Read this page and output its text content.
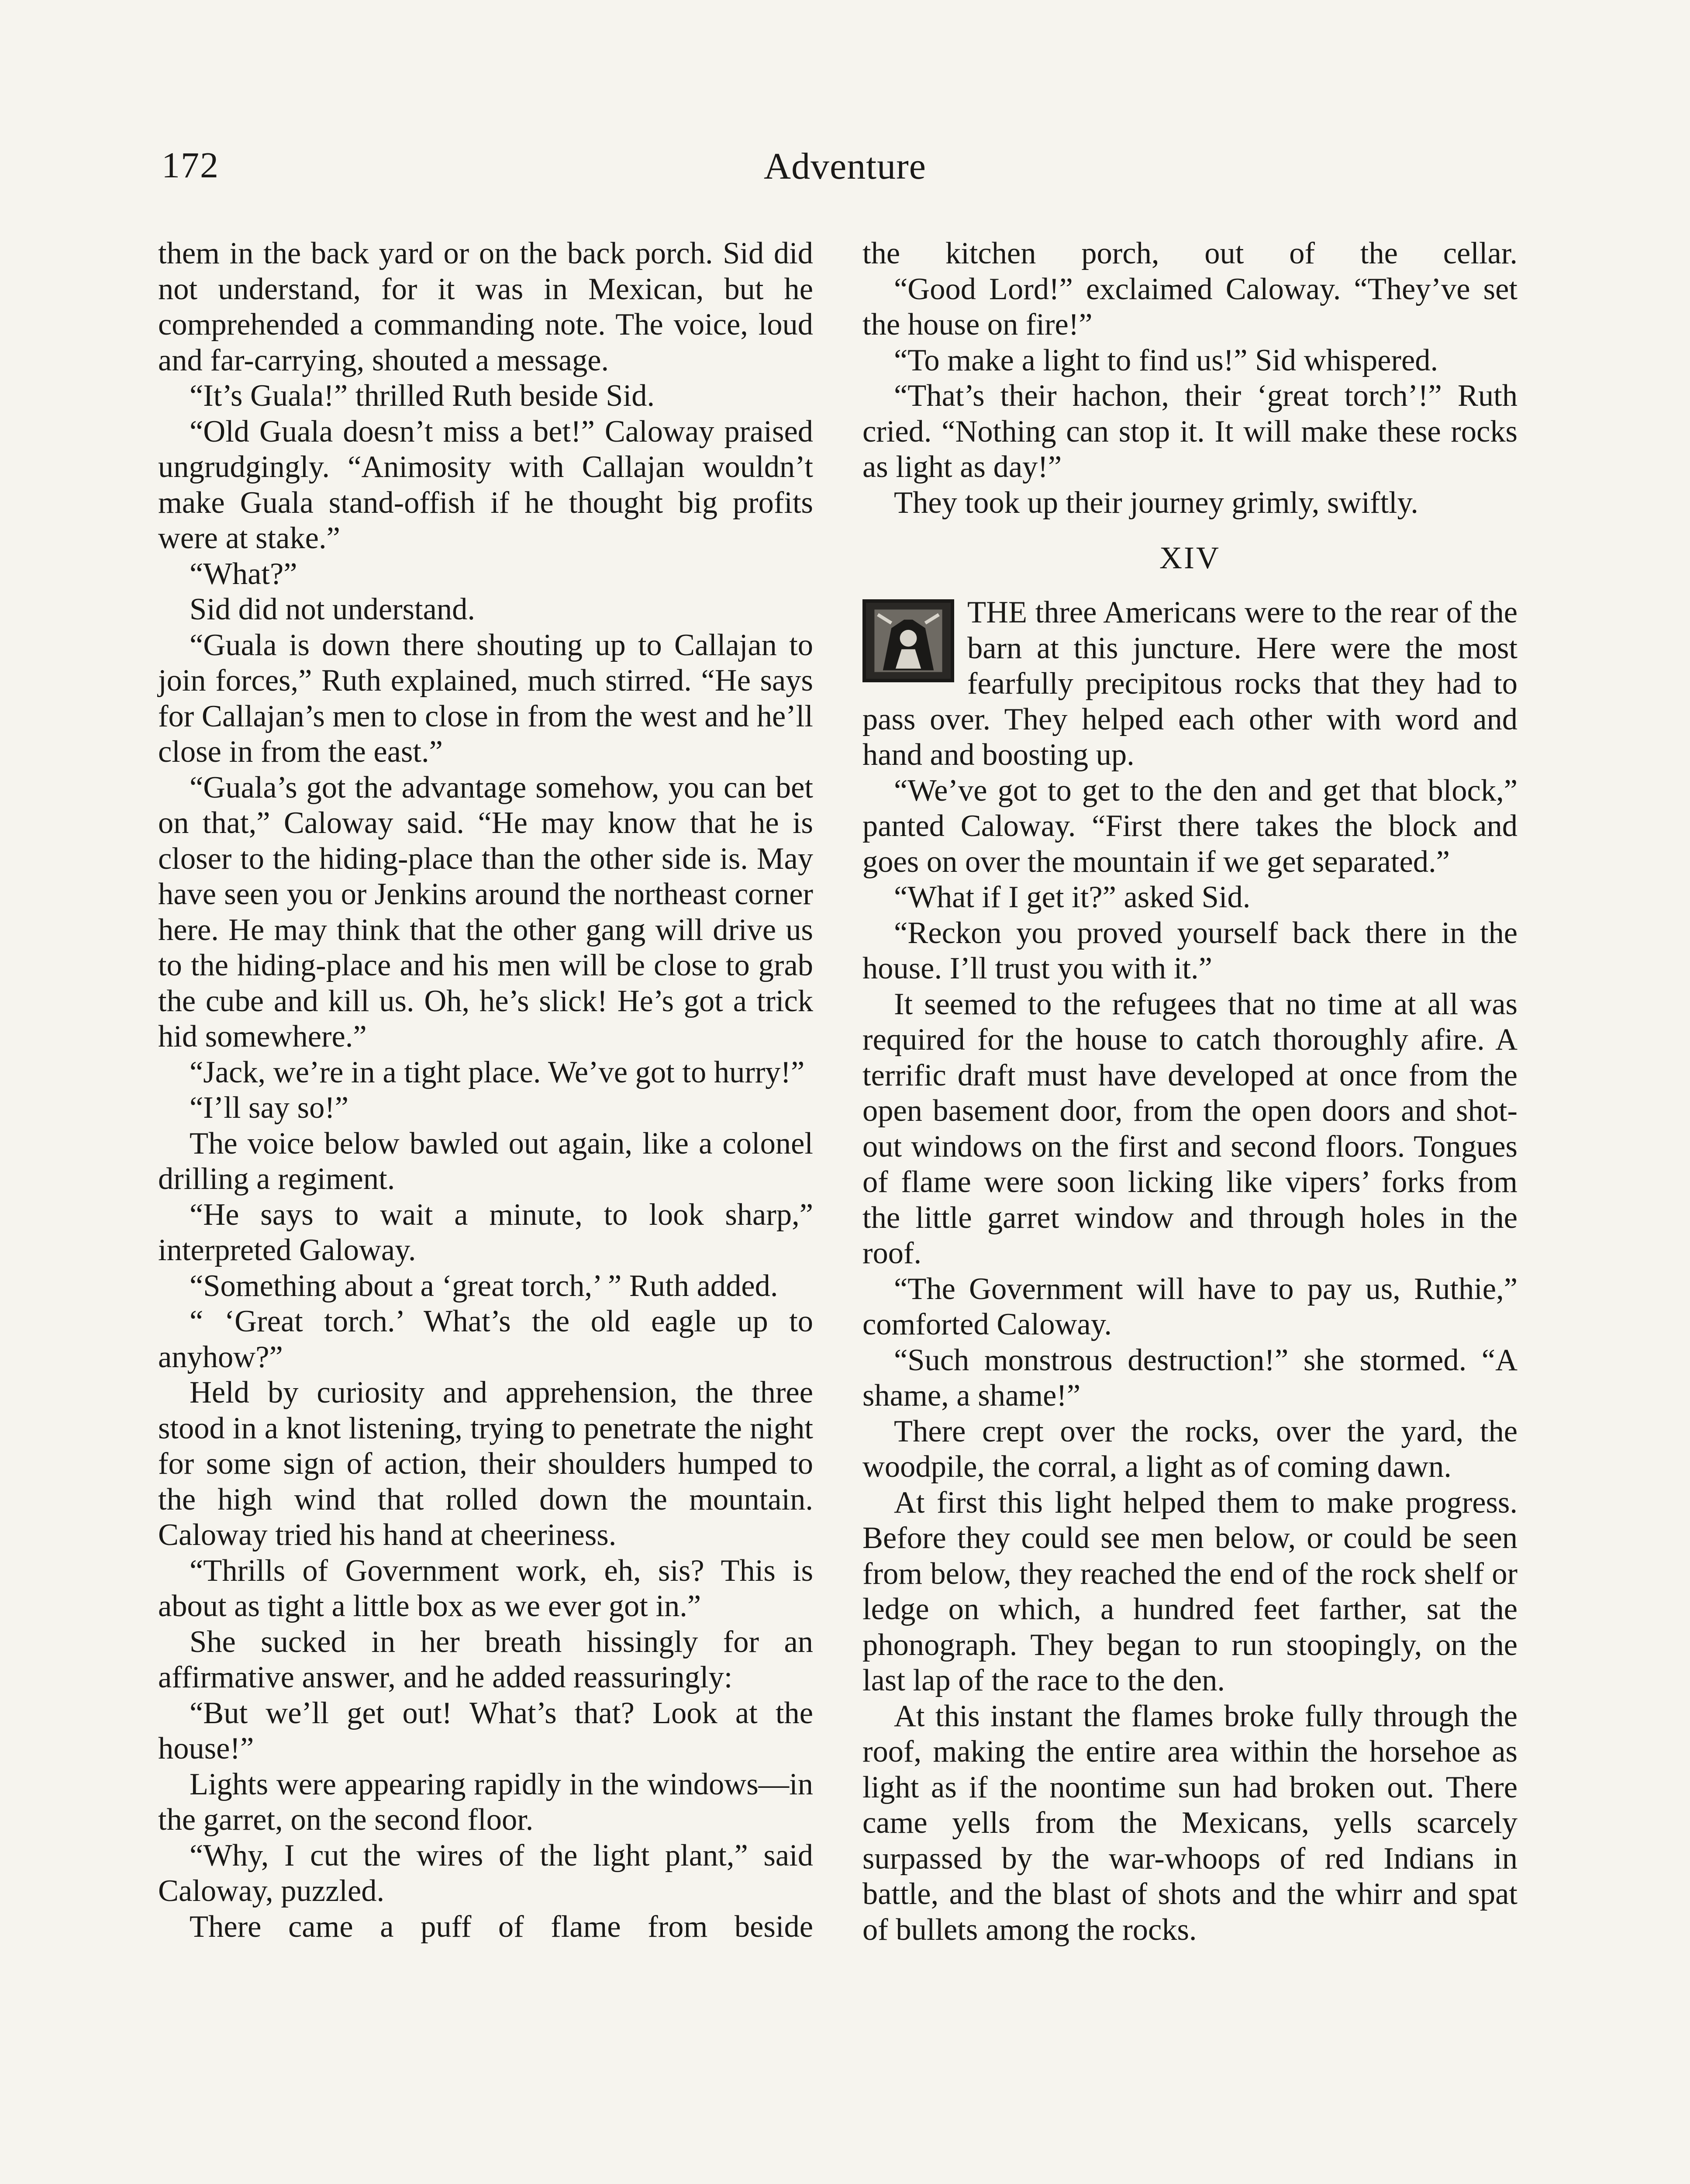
172	Adventure

them in the back yard or on the back porch. Sid did not understand, for it was in Mexican, but he comprehended a commanding note. The voice, loud and far-carrying, shouted a message.

“It’s Guala!” thrilled Ruth beside Sid.

“Old Guala doesn’t miss a bet!” Caloway praised ungrudgingly. “Animosity with Callajan wouldn’t make Guala stand-offish if he thought big profits were at stake.”

“What?”

Sid did not understand.

“Guala is down there shouting up to Callajan to join forces,” Ruth explained, much stirred. “He says for Callajan’s men to close in from the west and he’ll close in from the east.”

“Guala’s got the advantage somehow, you can bet on that,” Caloway said. “He may know that he is closer to the hiding-place than the other side is. May have seen you or Jenkins around the northeast corner here. He may think that the other gang will drive us to the hiding-place and his men will be close to grab the cube and kill us. Oh, he’s slick! He’s got a trick hid somewhere.”

“Jack, we’re in a tight place. We’ve got to hurry!”

“I’ll say so!”

The voice below bawled out again, like a colonel drilling a regiment.

“He says to wait a minute, to look sharp,” interpreted Galoway.

“Something about a ‘great torch,’ ” Ruth added.

“ ‘Great torch.’ What’s the old eagle up to anyhow?”

Held by curiosity and apprehension, the three stood in a knot listening, trying to penetrate the night for some sign of action, their shoulders humped to the high wind that rolled down the mountain. Caloway tried his hand at cheeriness.

“Thrills of Government work, eh, sis? This is about as tight a little box as we ever got in.”

She sucked in her breath hissingly for an affirmative answer, and he added reassuringly:

“But we’ll get out! What’s that? Look at the house!”

Lights were appearing rapidly in the windows—in the garret, on the second floor.

“Why, I cut the wires of the light plant,” said Caloway, puzzled.

There came a puff of flame from beside

the kitchen porch, out of the cellar.

“Good Lord!” exclaimed Caloway. “They’ve set the house on fire!”

“To make a light to find us!” Sid whispered.

“That’s their hachon, their ‘great torch’!” Ruth cried. “Nothing can stop it. It will make these rocks as light as day!”

They took up their journey grimly, swiftly.

XIV

THE three Americans were to the rear of the barn at this juncture. Here were the most fearfully precipitous rocks that they had to pass over. They helped each other with word and hand and boosting up.

“We’ve got to get to the den and get that block,” panted Caloway. “First there takes the block and goes on over the mountain if we get separated.”

“What if I get it?” asked Sid.

“Reckon you proved yourself back there in the house. I’ll trust you with it.”

It seemed to the refugees that no time at all was required for the house to catch thoroughly afire. A terrific draft must have developed at once from the open basement door, from the open doors and shot-out windows on the first and second floors. Tongues of flame were soon licking like vipers’ forks from the little garret window and through holes in the roof.

“The Government will have to pay us, Ruthie,” comforted Caloway.

“Such monstrous destruction!” she stormed. “A shame, a shame!”

There crept over the rocks, over the yard, the woodpile, the corral, a light as of coming dawn.

At first this light helped them to make progress. Before they could see men below, or could be seen from below, they reached the end of the rock shelf or ledge on which, a hundred feet farther, sat the phonograph. They began to run stoopingly, on the last lap of the race to the den.

At this instant the flames broke fully through the roof, making the entire area within the horsehoe as light as if the noontime sun had broken out. There came yells from the Mexicans, yells scarcely surpassed by the war-whoops of red Indians in battle, and the blast of shots and the whirr and spat of bullets among the rocks.
